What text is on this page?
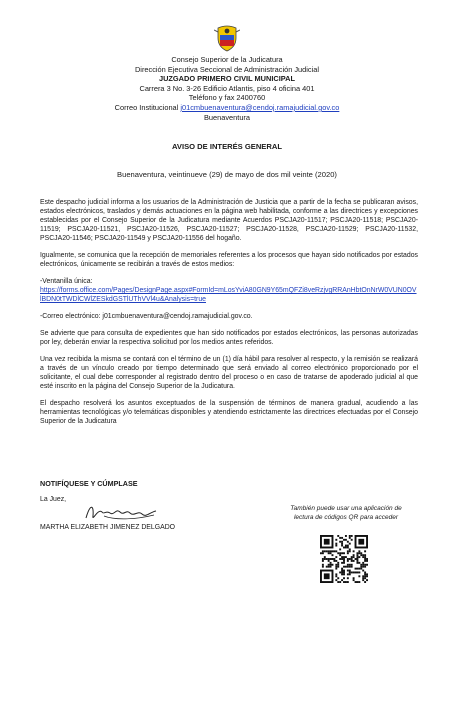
Consejo Superior de la Judicatura
Dirección Ejecutiva Seccional de Administración Judicial
JUZGADO PRIMERO CIVIL MUNICIPAL
Carrera 3 No. 3-26 Edificio Atlantis, piso 4 oficina 401
Teléfono y fax 2400760
Correo Institucional j01cmbuenaventura@cendoj.ramajudicial.gov.co
Buenaventura
AVISO DE INTERÉS GENERAL
Buenaventura, veintinueve (29) de mayo de dos mil veinte (2020)

Este despacho judicial informa a los usuarios de la Administración de Justicia que a partir de la fecha se publicaran avisos, estados electrónicos, traslados y demás actuaciones en la página web habilitada, conforme a las directrices y excepciones establecidas por el Consejo Superior de la Judicatura mediante Acuerdos PSCJA20-11517; PSCJA20-11518; PSCJA20-11519; PSCJA20-11521, PSCJA20-11526, PSCJA20-11527; PSCJA20-11528, PSCJA20-11529; PSCJA20-11532, PSCJA20-11546; PSCJA20-11549 y PSCJA20-11556 del hogaño.

Igualmente, se comunica que la recepción de memoriales referentes a los procesos que hayan sido notificados por estados electrónicos, únicamente se recibirán a través de estos medios:

-Ventanilla única:
https://forms.office.com/Pages/DesignPage.aspx#FormId=mLosYviA80GN9Y65mQFZi8veRzjvgRRAnHbtOnNrW0VUN0OVlBDN0tTWDlCWlZESkdGSTlUThVVl4u&Analysis=true

-Correo electrónico: j01cmbuenaventura@cendoj.ramajudicial.gov.co.

Se advierte que para consulta de expedientes que han sido notificados por estados electrónicos, las personas autorizadas por ley, deberán enviar la respectiva solicitud por los medios antes referidos.

Una vez recibida la misma se contará con el término de un (1) día hábil para resolver al respecto, y la remisión se realizará a través de un vínculo creado por tiempo determinado que será enviado al correo electrónico proporcionado por el solicitante, el cual debe corresponder al registrado dentro del proceso o en caso de tratarse de apoderado judicial al que esté inscrito en la página del Consejo Superior de la Judicatura.

El despacho resolverá los asuntos exceptuados de la suspensión de términos de manera gradual, acudiendo a las herramientas tecnológicas y/o telemáticas disponibles y atendiendo estrictamente las directrices efectuadas por el Consejo Superior de la Judicatura

NOTIFÍQUESE Y CÚMPLASE
La Juez,
MARTHA ELIZABETH JIMENEZ DELGADO
También puede usar una aplicación de lectura de códigos QR para acceder
